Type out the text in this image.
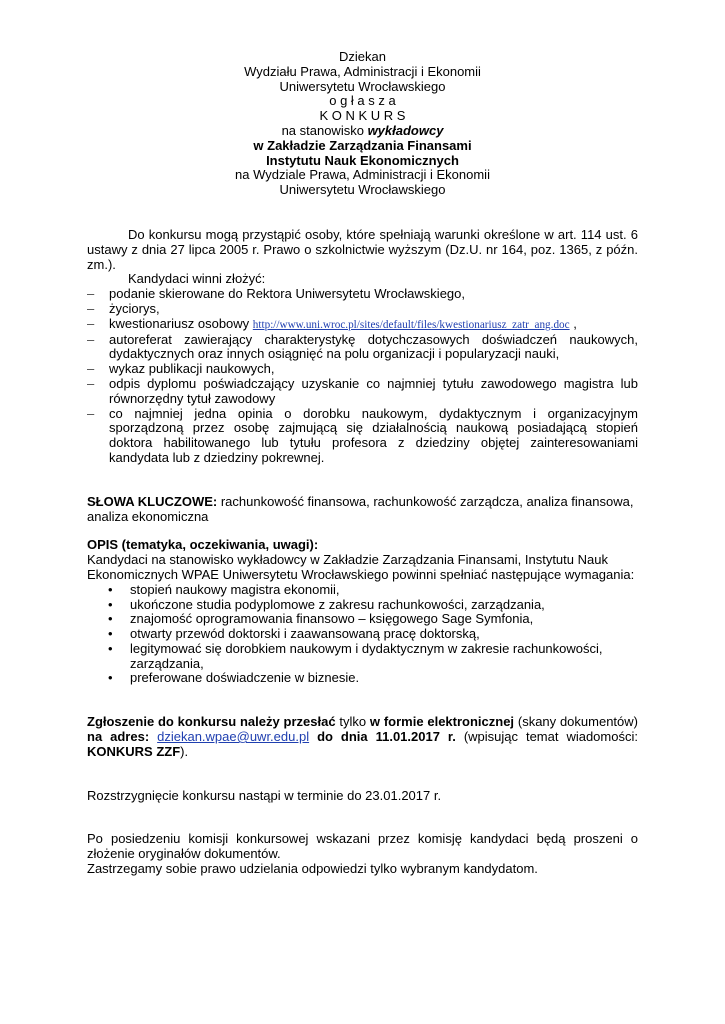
Dziekan
Wydziału Prawa, Administracji i Ekonomii
Uniwersytetu Wrocławskiego
o g ł a s z a
K O N K U R S
na stanowisko wykładowcy
w Zakładzie Zarządzania Finansami
Instytutu Nauk Ekonomicznych
na Wydziale Prawa, Administracji i Ekonomii
Uniwersytetu Wrocławskiego

Do konkursu mogą przystąpić osoby, które spełniają warunki określone w art. 114 ust. 6 ustawy z dnia 27 lipca 2005 r. Prawo o szkolnictwie wyższym (Dz.U. nr 164, poz. 1365, z późn. zm.).

Kandydaci winni złożyć:

– podanie skierowane do Rektora Uniwersytetu Wrocławskiego,
– życiorys,
– kwestionariusz osobowy http://www.uni.wroc.pl/sites/default/files/kwestionariusz_zatr_ang.doc ,
– autoreferat zawierający charakterystykę dotychczasowych doświadczeń naukowych, dydaktycznych oraz innych osiągnięć na polu organizacji i popularyzacji nauki,
– wykaz publikacji naukowych,
– odpis dyplomu poświadczający uzyskanie co najmniej tytułu zawodowego magistra lub równorzędny tytuł zawodowy
– co najmniej jedna opinia o dorobku naukowym, dydaktycznym i organizacyjnym sporządzoną przez osobę zajmującą się działalnością naukową posiadającą stopień doktora habilitowanego lub tytułu profesora z dziedziny objętej zainteresowaniami kandydata lub z dziedziny pokrewnej.

SŁOWA KLUCZOWE: rachunkowość finansowa, rachunkowość zarządcza, analiza finansowa, analiza ekonomiczna

OPIS (tematyka, oczekiwania, uwagi):

Kandydaci na stanowisko wykładowcy w Zakładzie Zarządzania Finansami, Instytutu Nauk Ekonomicznych WPAE Uniwersytetu Wrocławskiego powinni spełniać następujące wymagania:

• stopień naukowy magistra ekonomii,
• ukończone studia podyplomowe z zakresu rachunkowości, zarządzania,
• znajomość oprogramowania finansowo – księgowego Sage Symfonia,
• otwarty przewód doktorski i zaawansowaną pracę doktorską,
• legitymować się dorobkiem naukowym i dydaktycznym w zakresie rachunkowości, zarządzania,
• preferowane doświadczenie w biznesie.

Zgłoszenie do konkursu należy przesłać tylko w formie elektronicznej (skany dokumentów) na adres: dziekan.wpae@uwr.edu.pl do dnia 11.01.2017 r. (wpisując temat wiadomości: KONKURS ZZF).

Rozstrzygnięcie konkursu nastąpi w terminie do 23.01.2017 r.

Po posiedzeniu komisji konkursowej wskazani przez komisję kandydaci będą proszeni o złożenie oryginałów dokumentów.

Zastrzegamy sobie prawo udzielania odpowiedzi tylko wybranym kandydatom.
